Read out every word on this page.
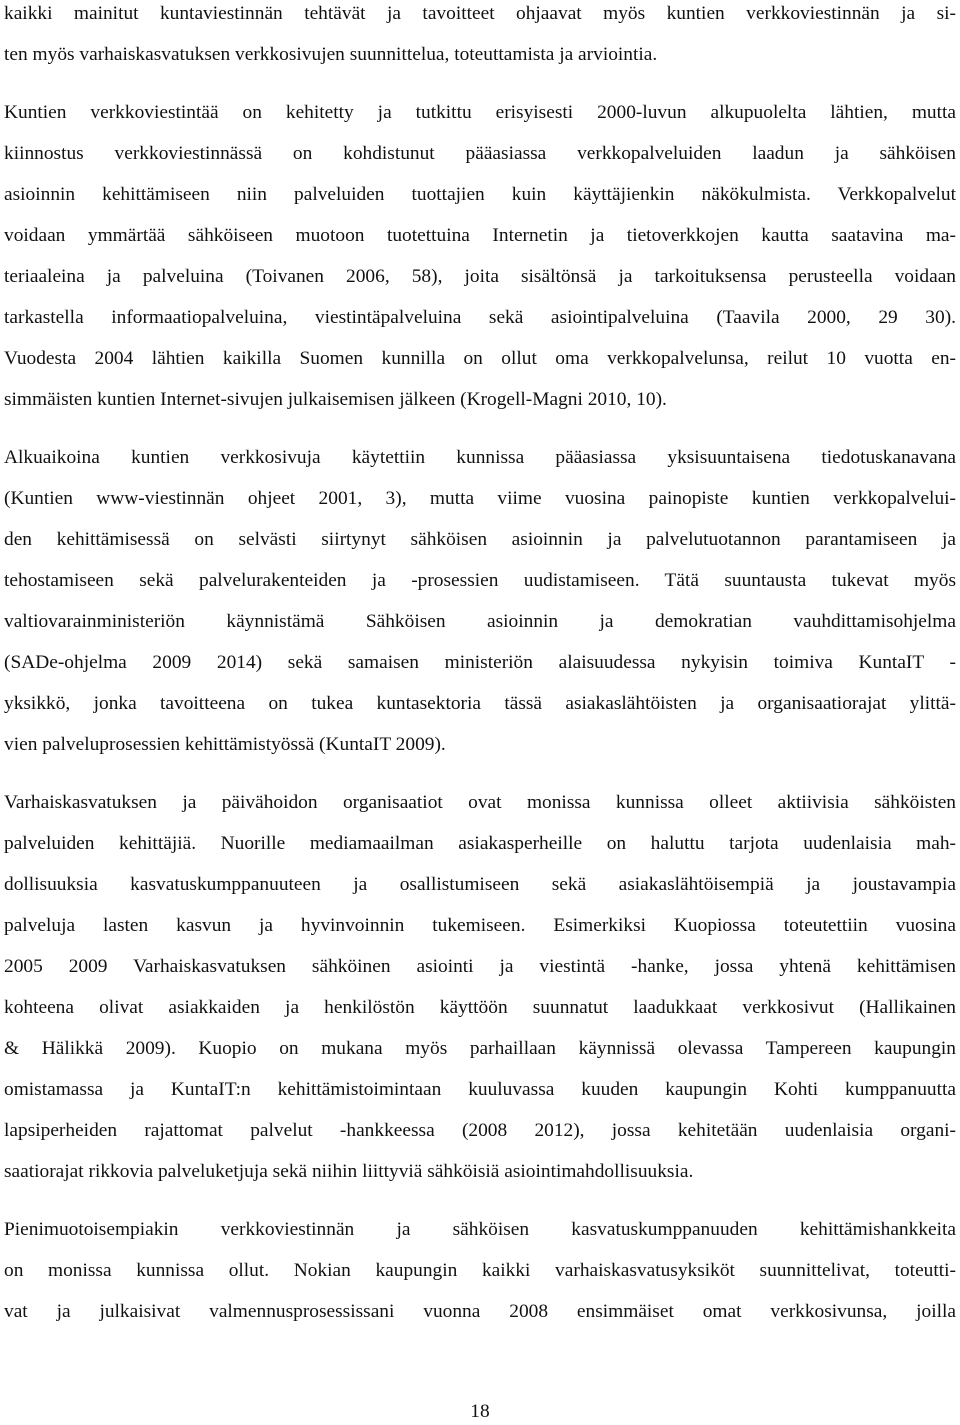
kaikki mainitut kuntaviestinnän tehtävät ja tavoitteet ohjaavat myös kuntien verkkoviestinnän ja si-
ten myös varhaiskasvatuksen verkkosivujen suunnittelua, toteuttamista ja arviointia.

Kuntien verkkoviestintää on kehitetty ja tutkittu erisyisesti 2000-luvun alkupuolelta lähtien, mutta
kiinnostus verkkoviestinnässä on kohdistunut pääasiassa verkkopalveluiden laadun ja sähköisen
asioinnin kehittämiseen niin palveluiden tuottajien kuin käyttäjienkin näkökulmista. Verkkopalvelut
voidaan ymmärtää sähköiseen muotoon tuotettuina Internetin ja tietoverkkojen kautta saatavina ma-
teriaaleina ja palveluina (Toivanen 2006, 58), joita sisältönsä ja tarkoituksensa perusteella voidaan
tarkastella informaatiopalveluina, viestintäpalveluina sekä asiointipalveluina (Taavila 2000, 29 30).
Vuodesta 2004 lähtien kaikilla Suomen kunnilla on ollut oma verkkopalvelunsa, reilut 10 vuotta en-
simmäisten kuntien Internet-sivujen julkaisemisen jälkeen (Krogell-Magni 2010, 10).

Alkuaikoina kuntien verkkosivuja käytettiin kunnissa pääasiassa yksisuuntaisena tiedotuskanavana
(Kuntien www-viestinnän ohjeet 2001, 3), mutta viime vuosina painopiste kuntien verkkopalvelui-
den kehittämisessä on selvästi siirtynyt sähköisen asioinnin ja palvelutuotannon parantamiseen ja
tehostamiseen sekä palvelurakenteiden ja -prosessien uudistamiseen. Tätä suuntausta tukevat myös
valtiovarainministeriön käynnistämä Sähköisen asioinnin ja demokratian vauhdittamisohjelma
(SADe-ohjelma 2009 2014) sekä samaisen ministeriön alaisuudessa nykyisin toimiva KuntaIT -
yksikkö, jonka tavoitteena on tukea kuntasektoria tässä asiakaslähtöisten ja organisaatiorajat ylittä-
vien palveluprosessien kehittämistyössä (KuntaIT 2009).

Varhaiskasvatuksen ja päivähoidon organisaatiot ovat monissa kunnissa olleet aktiivisia sähköisten
palveluiden kehittäjiä. Nuorille mediamaailman asiakasperheille on haluttu tarjota uudenlaisia mah-
dollisuuksia kasvatuskumppanuuteen ja osallistumiseen sekä asiakaslähtöisempiä ja joustavampia
palveluja lasten kasvun ja hyvinvoinnin tukemiseen. Esimerkiksi Kuopiossa toteutettiin vuosina
2005 2009 Varhaiskasvatuksen sähköinen asiointi ja viestintä -hanke, jossa yhtenä kehittämisen
kohteena olivat asiakkaiden ja henkilöstön käyttöön suunnatut laadukkaat verkkosivut (Hallikainen
& Hälikkä 2009). Kuopio on mukana myös parhaillaan käynnissä olevassa Tampereen kaupungin
omistamassa ja KuntaIT:n kehittämistoimintaan kuuluvassa kuuden kaupungin Kohti kumppanuutta
lapsiperheiden rajattomat palvelut -hankkeessa (2008 2012), jossa kehitetään uudenlaisia organi-
saatiorajat rikkovia palveluketjuja sekä niihin liittyviä sähköisiä asiointimahdollisuuksia.

Pienimuotoisempiakin verkkoviestinnän ja sähköisen kasvatuskumppanuuden kehittämishankkeita
on monissa kunnissa ollut. Nokian kaupungin kaikki varhaiskasvatusyksiköt suunnittelivat, toteutti-
vat ja julkaisivat valmennusprosessissani vuonna 2008 ensimmäiset omat verkkosivunsa, joilla

18
